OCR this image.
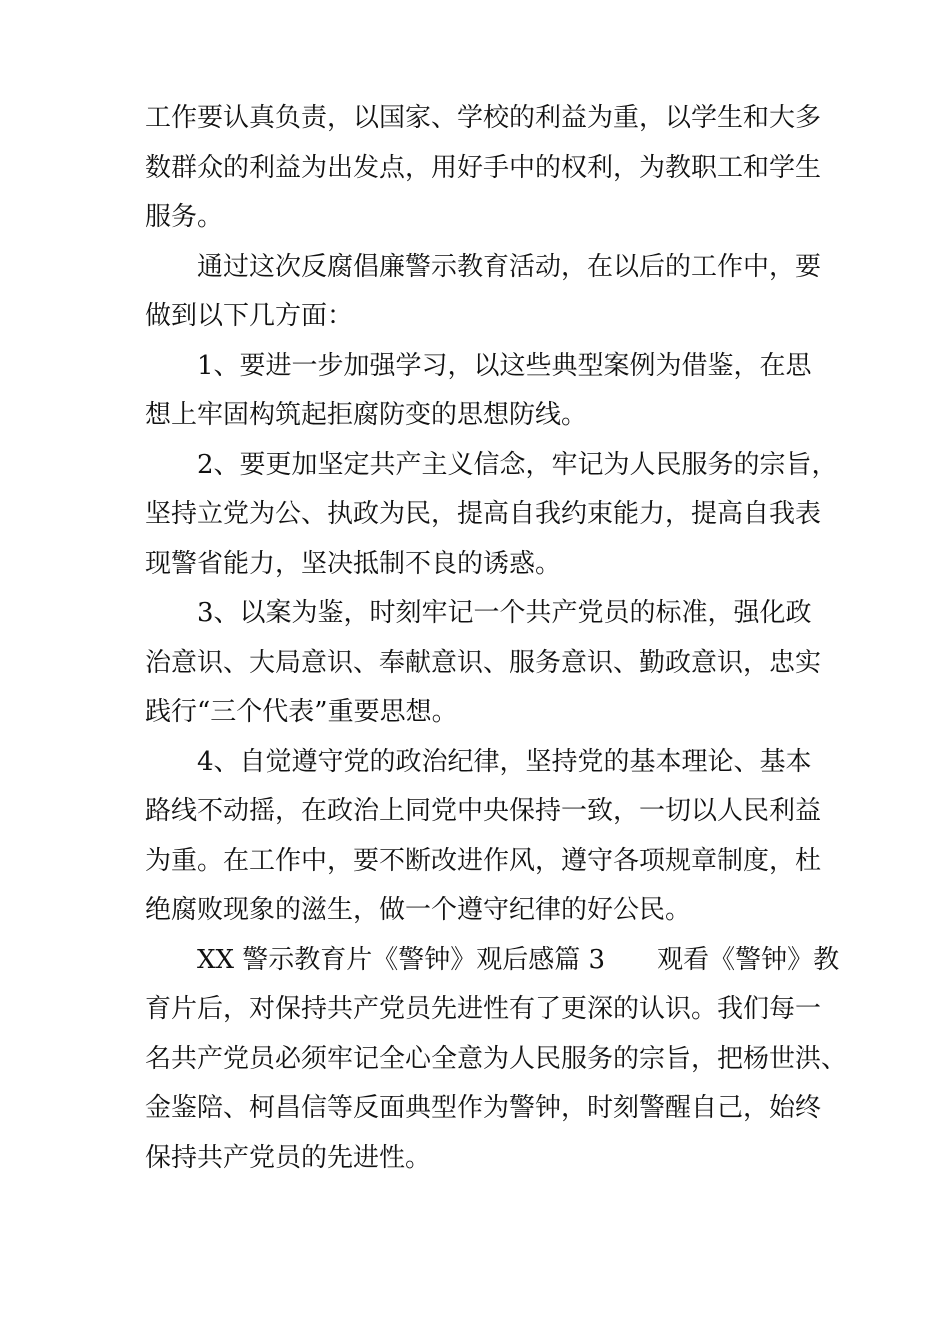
工作要认真负责，以国家、学校的利益为重，以学生和大多
数群众的利益为出发点，用好手中的权利，为教职工和学生
服务。

通过这次反腐倡廉警示教育活动，在以后的工作中，要
做到以下几方面：

1、要进一步加强学习，以这些典型案例为借鉴，在思
想上牢固构筑起拒腐防变的思想防线。

2、要更加坚定共产主义信念，牢记为人民服务的宗旨，
坚持立党为公、执政为民，提高自我约束能力，提高自我表
现警省能力，坚决抵制不良的诱惑。

3、以案为鉴，时刻牢记一个共产党员的标准，强化政
治意识、大局意识、奉献意识、服务意识、勤政意识，忠实
践行“三个代表”重要思想。

4、自觉遵守党的政治纪律，坚持党的基本理论、基本
路线不动摇，在政治上同党中央保持一致，一切以人民利益
为重。在工作中，要不断改进作风，遵守各项规章制度，杜
绝腐败现象的滋生，做一个遵守纪律的好公民。

XX 警示教育片《警钟》观后感篇 3　　观看《警钟》教
育片后，对保持共产党员先进性有了更深的认识。我们每一
名共产党员必须牢记全心全意为人民服务的宗旨，把杨世洪、
金鉴陪、柯昌信等反面典型作为警钟，时刻警醒自己，始终
保持共产党员的先进性。
